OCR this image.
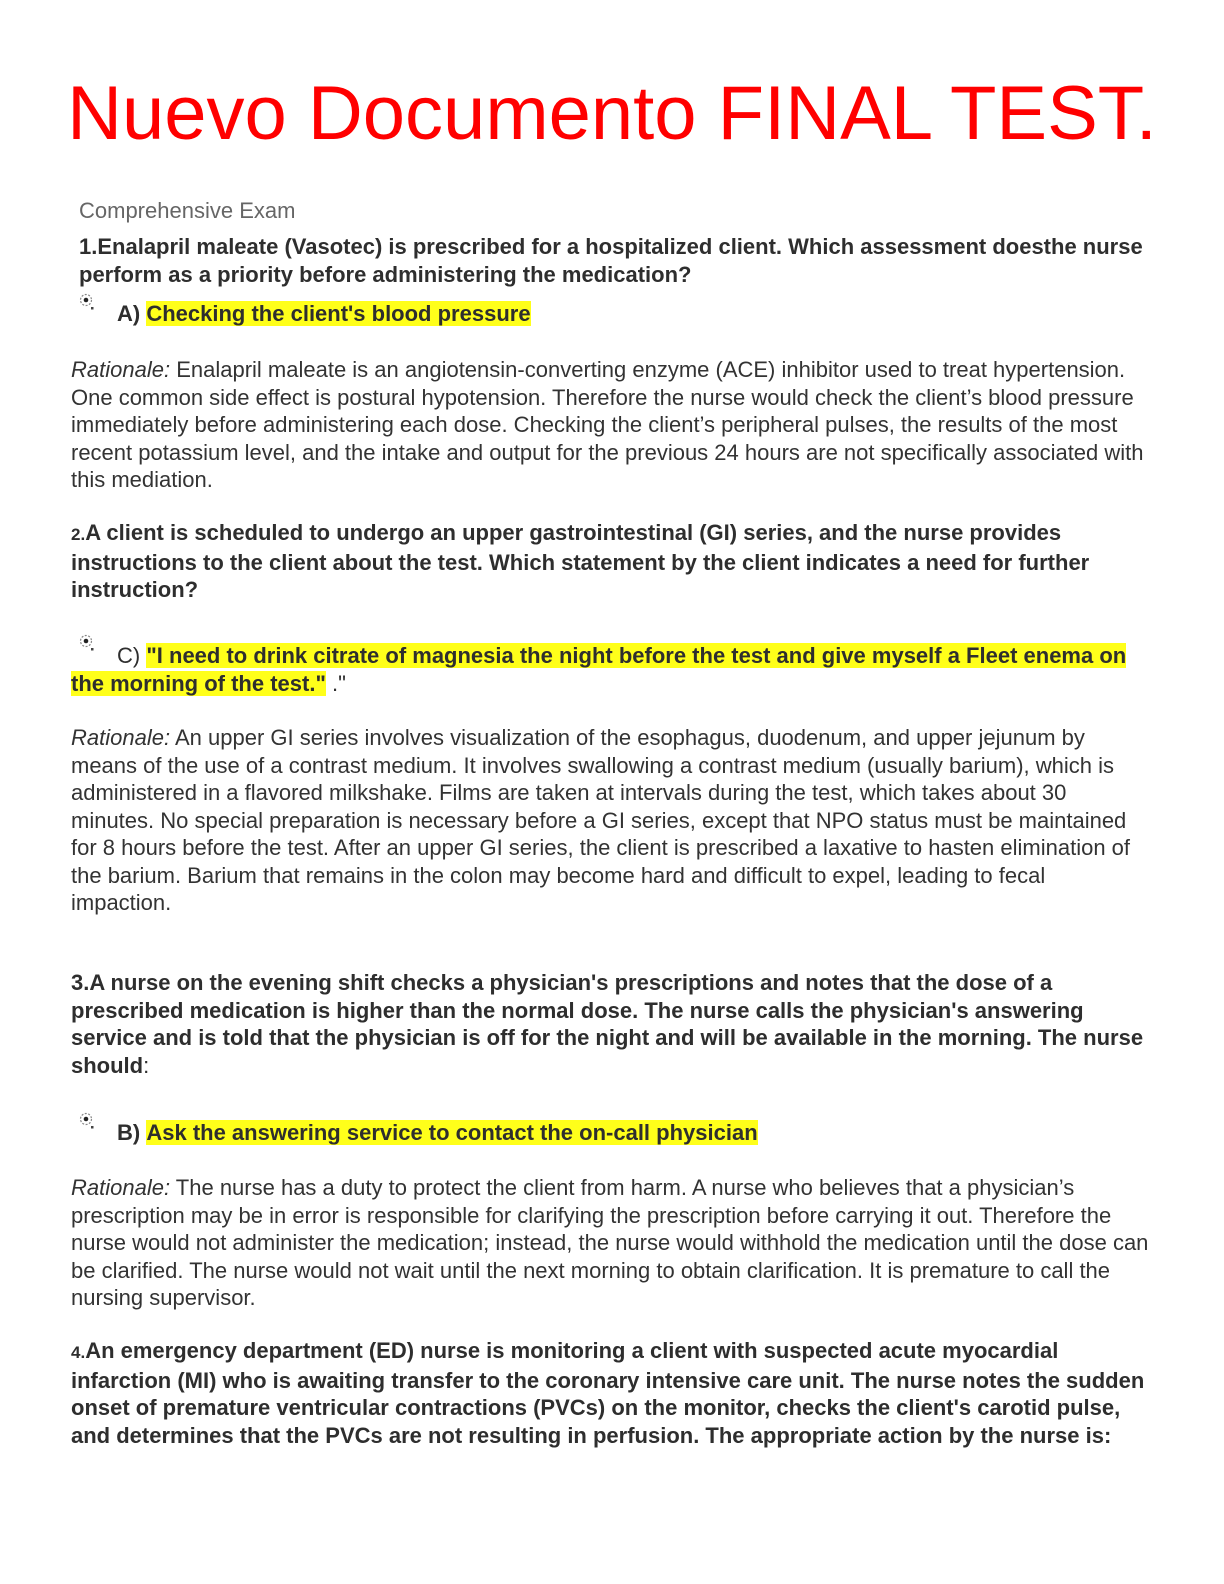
Nuevo Documento FINAL TEST.

Comprehensive Exam

1.Enalapril maleate (Vasotec) is prescribed for a hospitalized client. Which assessment doesthe nurse perform as a priority before administering the medication?

A) Checking the client's blood pressure

Rationale: Enalapril maleate is an angiotensin-converting enzyme (ACE) inhibitor used to treat hypertension. One common side effect is postural hypotension. Therefore the nurse would check the client’s blood pressure immediately before administering each dose. Checking the client’s peripheral pulses, the results of the most recent potassium level, and the intake and output for the previous 24 hours are not specifically associated with this mediation.

2.A client is scheduled to undergo an upper gastrointestinal (GI) series, and the nurse provides instructions to the client about the test. Which statement by the client indicates a need for further instruction?

C) "I need to drink citrate of magnesia the night before the test and give myself a Fleet enema on the morning of the test." ."

Rationale: An upper GI series involves visualization of the esophagus, duodenum, and upper jejunum by means of the use of a contrast medium. It involves swallowing a contrast medium (usually barium), which is administered in a flavored milkshake. Films are taken at intervals during the test, which takes about 30 minutes. No special preparation is necessary before a GI series, except that NPO status must be maintained for 8 hours before the test. After an upper GI series, the client is prescribed a laxative to hasten elimination of the barium. Barium that remains in the colon may become hard and difficult to expel, leading to fecal impaction.

3.A nurse on the evening shift checks a physician's prescriptions and notes that the dose of a prescribed medication is higher than the normal dose. The nurse calls the physician's answering service and is told that the physician is off for the night and will be available in the morning. The nurse should:

B) Ask the answering service to contact the on-call physician

Rationale: The nurse has a duty to protect the client from harm. A nurse who believes that a physician’s prescription may be in error is responsible for clarifying the prescription before carrying it out. Therefore the nurse would not administer the medication; instead, the nurse would withhold the medication until the dose can be clarified. The nurse would not wait until the next morning to obtain clarification. It is premature to call the nursing supervisor.

4.An emergency department (ED) nurse is monitoring a client with suspected acute myocardial infarction (MI) who is awaiting transfer to the coronary intensive care unit. The nurse notes the sudden onset of premature ventricular contractions (PVCs) on the monitor, checks the client's carotid pulse, and determines that the PVCs are not resulting in perfusion. The appropriate action by the nurse is:
